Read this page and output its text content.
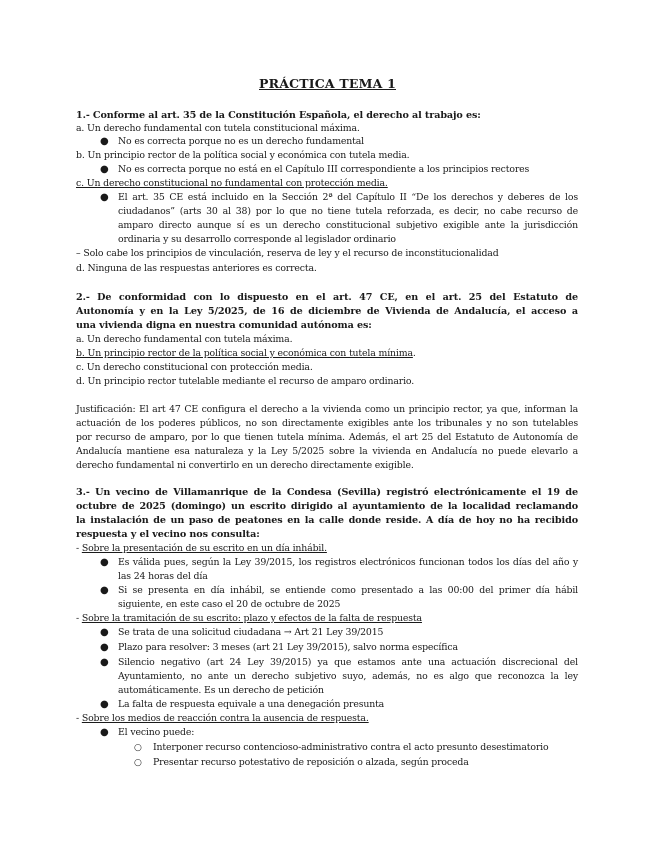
PRÁCTICA TEMA 1
1.- Conforme al art. 35 de la Constitución Española, el derecho al trabajo es:
a. Un derecho fundamental con tutela constitucional máxima.
● No es correcta porque no es un derecho fundamental
b. Un principio rector de la política social y económica con tutela media.
● No es correcta porque no está en el Capítulo III correspondiente a los principios rectores
c. Un derecho constitucional no fundamental con protección media.
● El art. 35 CE está incluido en la Sección 2ª del Capítulo II “De los derechos y deberes de los
ciudadanos” (arts 30 al 38) por lo que no tiene tutela reforzada, es decir, no cabe recurso de
amparo directo aunque sí es un derecho constitucional subjetivo exigible ante la jurisdicción
ordinaria y su desarrollo corresponde al legislador ordinario
– Solo cabe los principios de vinculación, reserva de ley y el recurso de inconstitucionalidad
d. Ninguna de las respuestas anteriores es correcta.
2.- De conformidad con lo dispuesto en el art. 47 CE, en el art. 25 del Estatuto de
Autonomía y en la Ley 5/2025, de 16 de diciembre de Vivienda de Andalucía, el acceso a
una vivienda digna en nuestra comunidad autónoma es:
a. Un derecho fundamental con tutela máxima.
b. Un principio rector de la política social y económica con tutela mínima.
c. Un derecho constitucional con protección media.
d. Un principio rector tutelable mediante el recurso de amparo ordinario.
Justificación: El art 47 CE configura el derecho a la vivienda como un principio rector, ya que, informan la
actuación de los poderes públicos, no son directamente exigibles ante los tribunales y no son tutelables
por recurso de amparo, por lo que tienen tutela mínima. Además, el art 25 del Estatuto de Autonomía de
Andalucía mantiene esa naturaleza y la Ley 5/2025 sobre la vivienda en Andalucía no puede elevarlo a
derecho fundamental ni convertirlo en un derecho directamente exigible.
3.- Un vecino de Villamanrique de la Condesa (Sevilla) registró electrónicamente el 19 de
octubre de 2025 (domingo) un escrito dirigido al ayuntamiento de la localidad reclamando
la instalación de un paso de peatones en la calle donde reside. A día de hoy no ha recibido
respuesta y el vecino nos consulta:
- Sobre la presentación de su escrito en un día inhábil.
● Es válida pues, según la Ley 39/2015, los registros electrónicos funcionan todos los días del año y
las 24 horas del día
● Si se presenta en día inhábil, se entiende como presentado a las 00:00 del primer día hábil
siguiente, en este caso el 20 de octubre de 2025
- Sobre la tramitación de su escrito: plazo y efectos de la falta de respuesta
● Se trata de una solicitud ciudadana → Art 21 Ley 39/2015
● Plazo para resolver: 3 meses (art 21 Ley 39/2015), salvo norma específica
● Silencio negativo (art 24 Ley 39/2015) ya que estamos ante una actuación discrecional del
Ayuntamiento, no ante un derecho subjetivo suyo, además, no es algo que reconozca la ley
automáticamente. Es un derecho de petición
● La falta de respuesta equivale a una denegación presunta
- Sobre los medios de reacción contra la ausencia de respuesta.
● El vecino puede:
○ Interponer recurso contencioso-administrativo contra el acto presunto desestimatorio
○ Presentar recurso potestativo de reposición o alzada, según proceda
